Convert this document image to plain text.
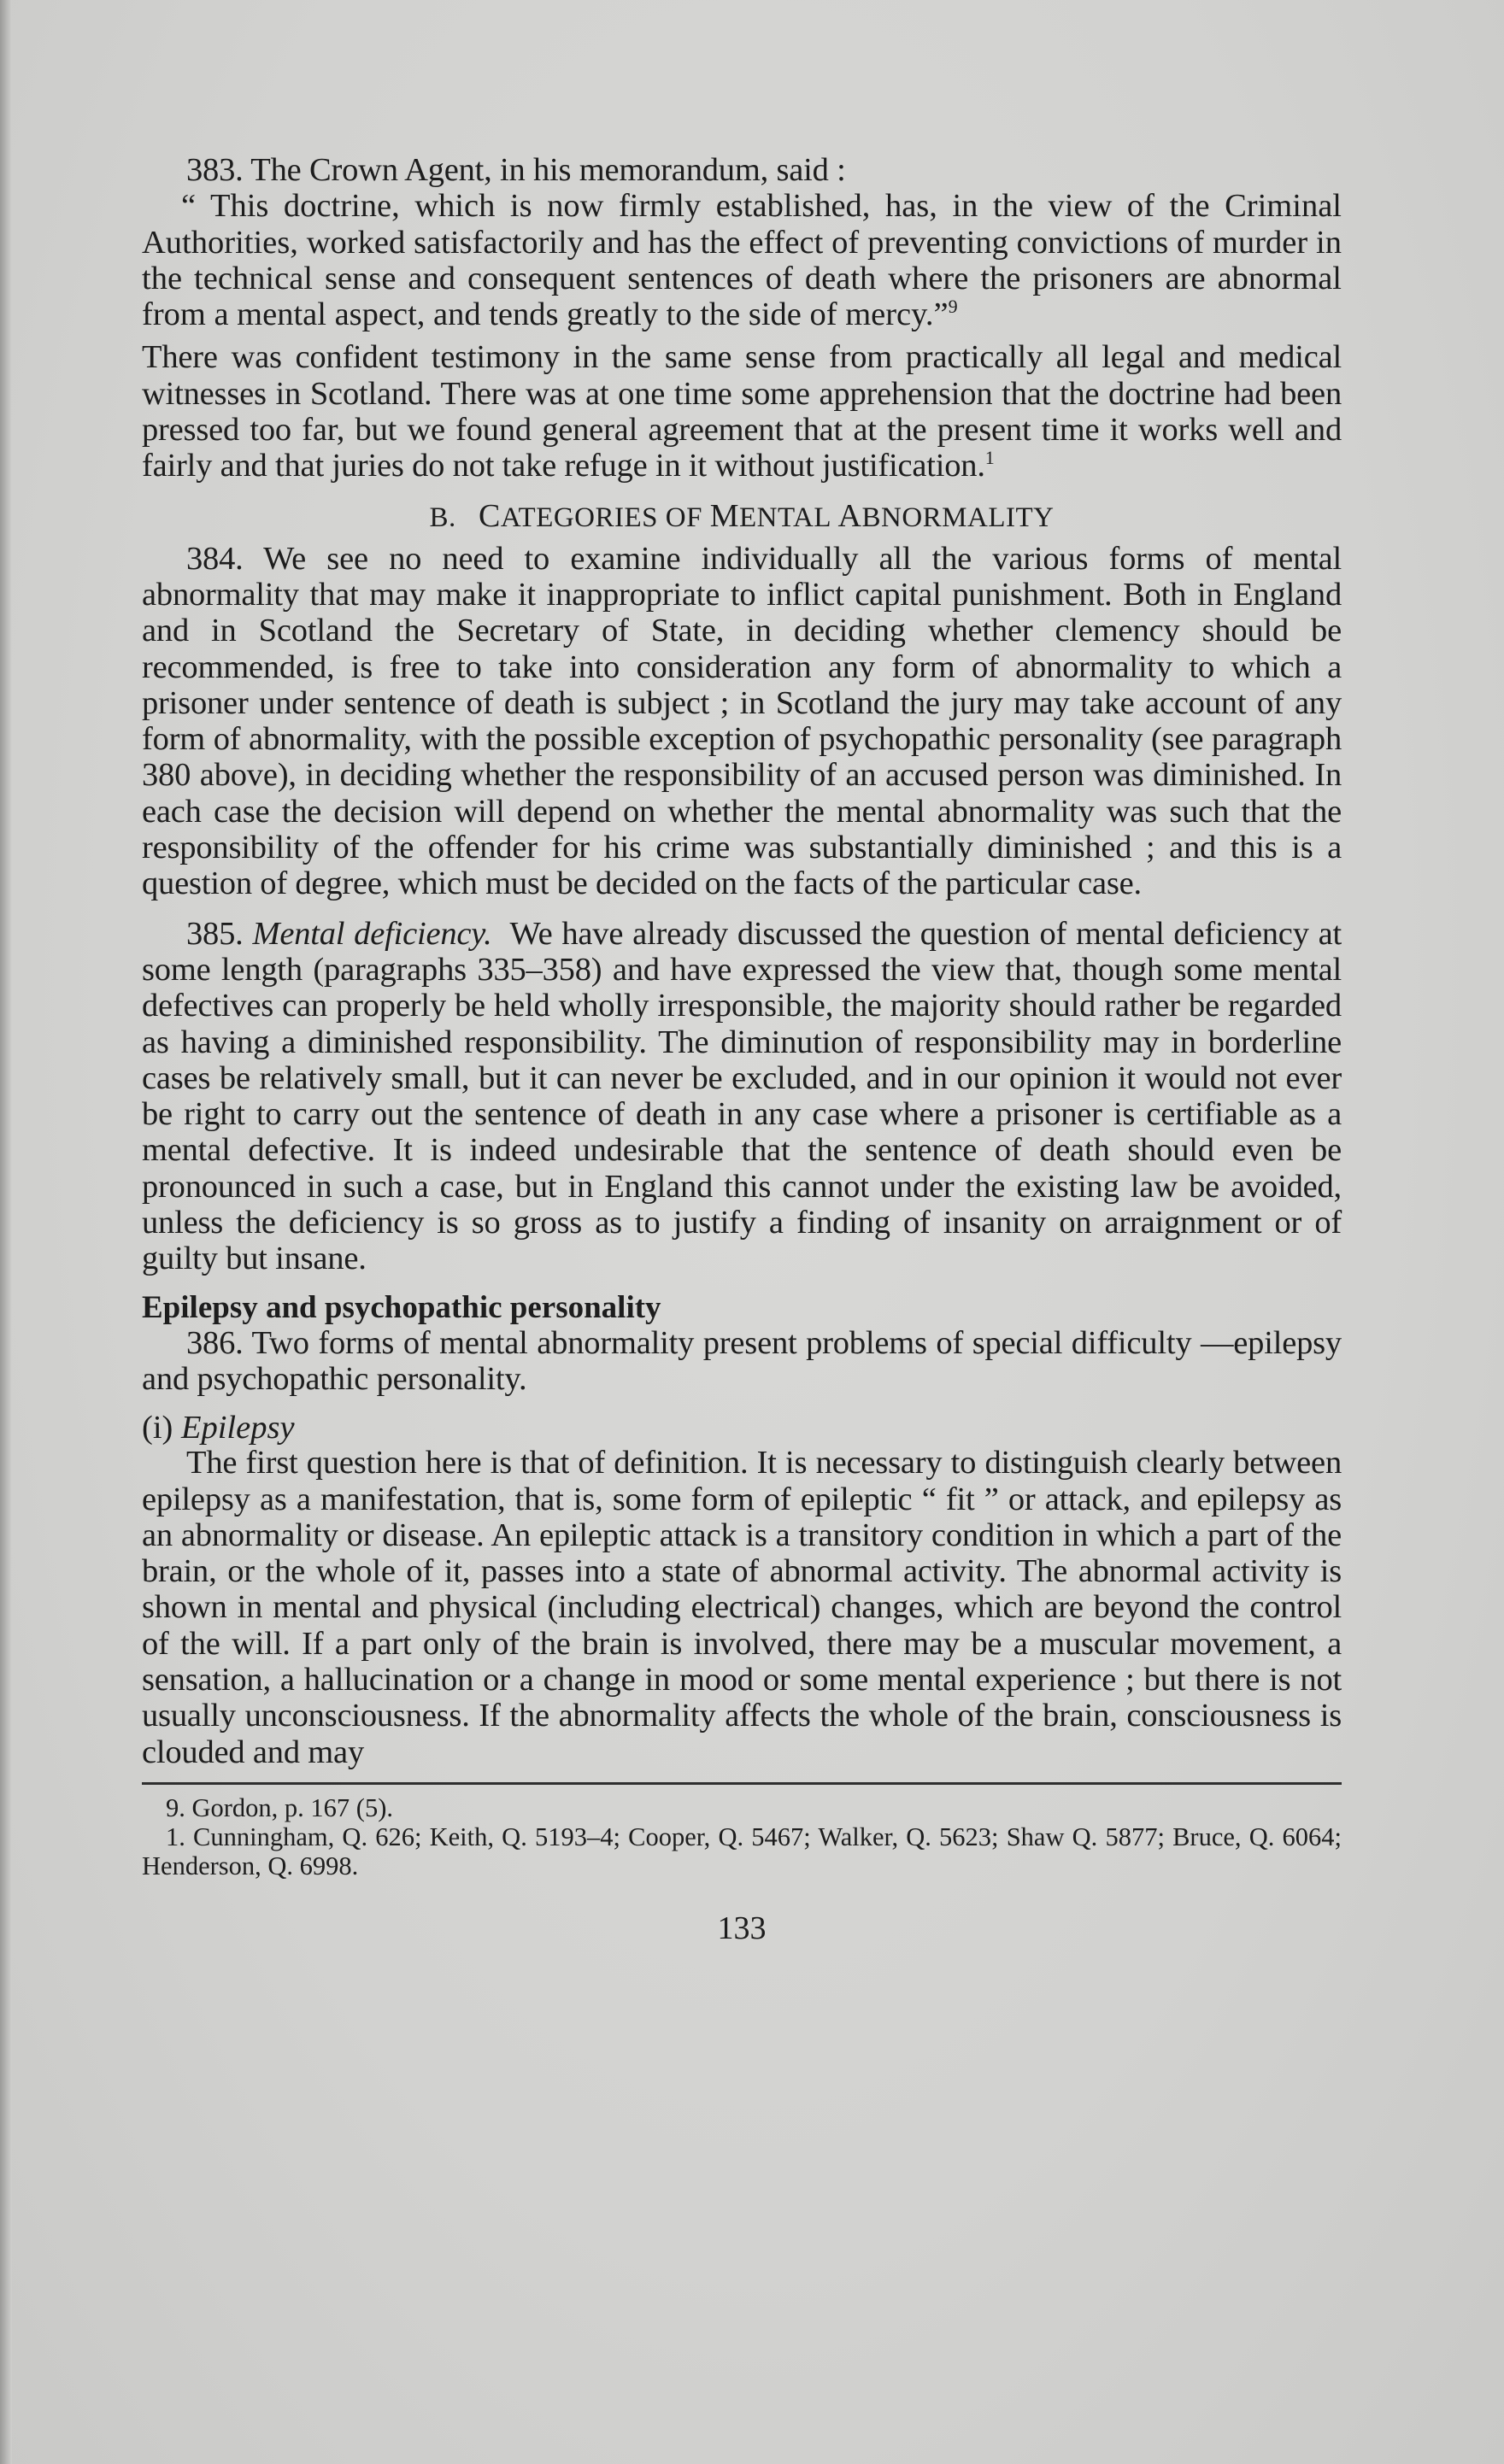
383. The Crown Agent, in his memorandum, said :

“ This doctrine, which is now firmly established, has, in the view of the Criminal Authorities, worked satisfactorily and has the effect of preventing convictions of murder in the technical sense and consequent sentences of death where the prisoners are abnormal from a mental aspect, and tends greatly to the side of mercy.”$^9$

There was confident testimony in the same sense from practically all legal and medical witnesses in Scotland. There was at one time some apprehension that the doctrine had been pressed too far, but we found general agreement that at the present time it works well and fairly and that juries do not take refuge in it without justification.$^1$

B. CATEGORIES OF MENTAL ABNORMALITY

384. We see no need to examine individually all the various forms of mental abnormality that may make it inappropriate to inflict capital punishment. Both in England and in Scotland the Secretary of State, in deciding whether clemency should be recommended, is free to take into consideration any form of abnormality to which a prisoner under sentence of death is subject ; in Scotland the jury may take account of any form of abnormality, with the possible exception of psychopathic personality (see paragraph 380 above), in deciding whether the responsibility of an accused person was diminished. In each case the decision will depend on whether the mental abnormality was such that the responsibility of the offender for his crime was substantially diminished ; and this is a question of degree, which must be decided on the facts of the particular case.

385. Mental deficiency. We have already discussed the question of mental deficiency at some length (paragraphs 335–358) and have expressed the view that, though some mental defectives can properly be held wholly irresponsible, the majority should rather be regarded as having a diminished responsibility. The diminution of responsibility may in borderline cases be relatively small, but it can never be excluded, and in our opinion it would not ever be right to carry out the sentence of death in any case where a prisoner is certifiable as a mental defective. It is indeed undesirable that the sentence of death should even be pronounced in such a case, but in England this cannot under the existing law be avoided, unless the deficiency is so gross as to justify a finding of insanity on arraignment or of guilty but insane.

Epilepsy and psychopathic personality

386. Two forms of mental abnormality present problems of special difficulty —epilepsy and psychopathic personality.

(i) Epilepsy

The first question here is that of definition. It is necessary to distinguish clearly between epilepsy as a manifestation, that is, some form of epileptic “ fit ” or attack, and epilepsy as an abnormality or disease. An epileptic attack is a transitory condition in which a part of the brain, or the whole of it, passes into a state of abnormal activity. The abnormal activity is shown in mental and physical (including electrical) changes, which are beyond the control of the will. If a part only of the brain is involved, there may be a muscular movement, a sensation, a hallucination or a change in mood or some mental experience ; but there is not usually unconsciousness. If the abnormality affects the whole of the brain, consciousness is clouded and may

9. Gordon, p. 167 (5).

1. Cunningham, Q. 626; Keith, Q. 5193–4; Cooper, Q. 5467; Walker, Q. 5623; Shaw Q. 5877; Bruce, Q. 6064; Henderson, Q. 6998.

133
